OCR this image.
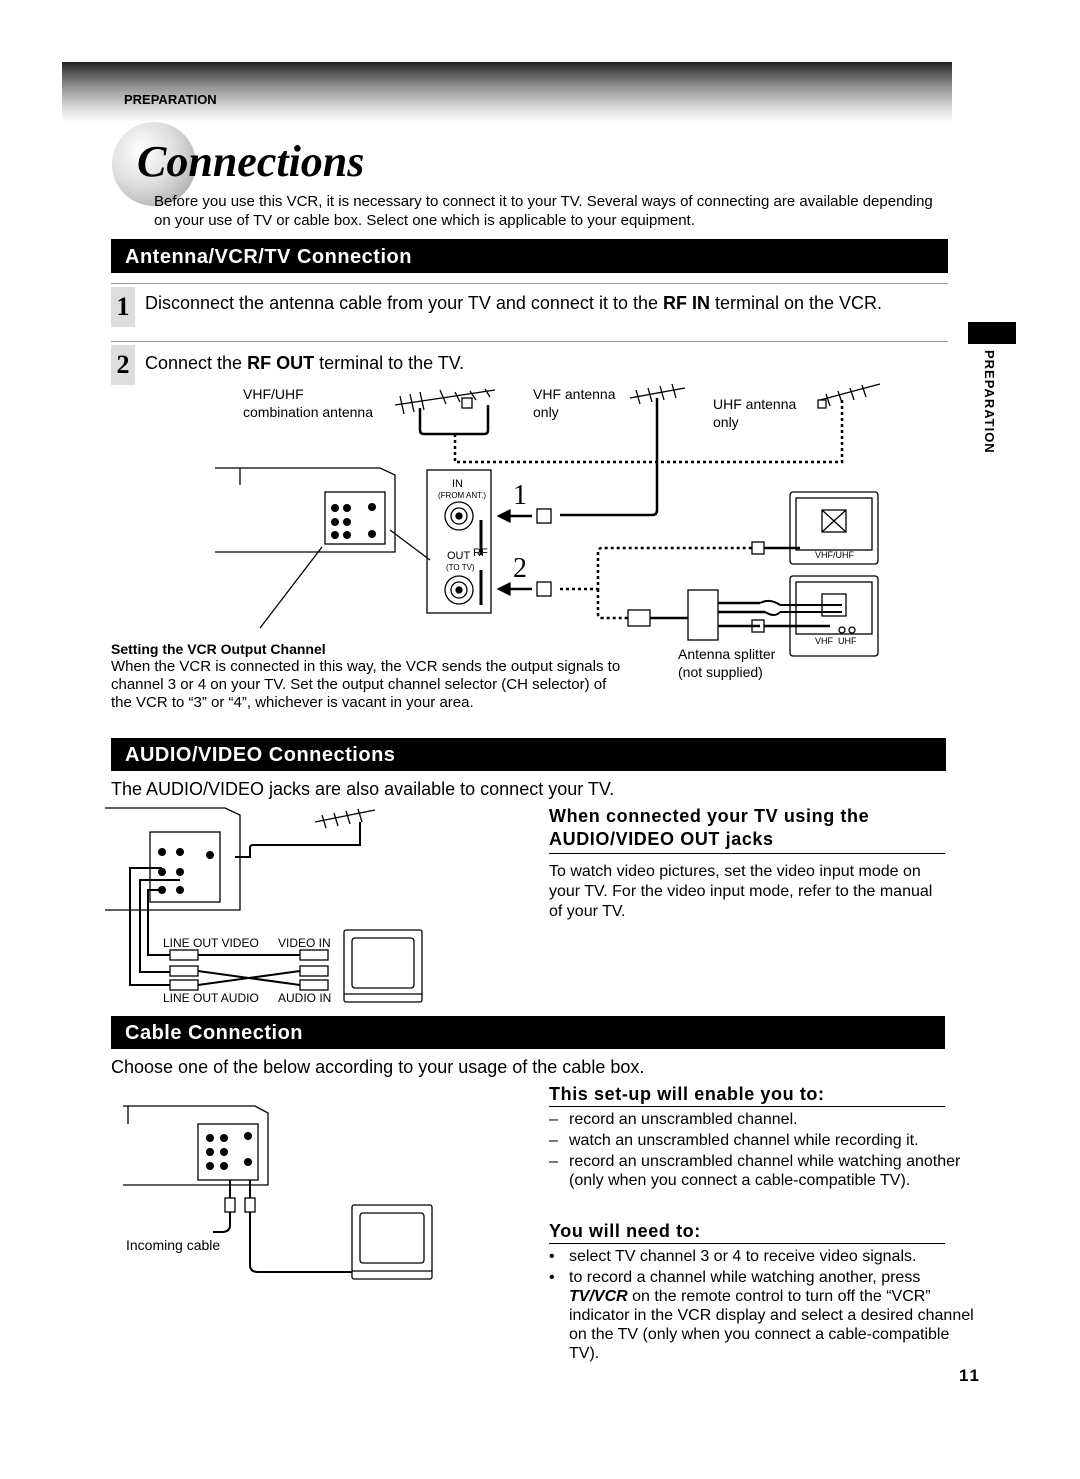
PREPARATION
Connections
Before you use this VCR, it is necessary to connect it to your TV. Several ways of connecting are available depending on your use of TV or cable box. Select one which is applicable to your equipment.
PREPARATION
Antenna/VCR/TV Connection
1 Disconnect the antenna cable from your TV and connect it to the RF IN terminal on the VCR.
2 Connect the RF OUT terminal to the TV.
VHF/UHF
combination antenna
VHF antenna
only	UHF antenna
only
IN
(FROM ANT.)
OUT RF
(TO TV)
1
2	VHF/UHF
VHF UHF
Antenna splitter
(not supplied)
Setting the VCR Output Channel
When the VCR is connected in this way, the VCR sends the output signals to channel 3 or 4 on your TV. Set the output channel selector (CH selector) of the VCR to “3” or “4”, whichever is vacant in your area.
AUDIO/VIDEO Connections
The AUDIO/VIDEO jacks are also available to connect your TV.
When connected your TV using the
AUDIO/VIDEO OUT jacks
To watch video pictures, set the video input mode on your TV. For the video input mode, refer to the manual of your TV.
LINE OUT VIDEO VIDEO IN
LINE OUT AUDIO AUDIO IN
Cable Connection
Choose one of the below according to your usage of the cable box.
This set-up will enable you to:
– record an unscrambled channel.
– watch an unscrambled channel while recording it.
– record an unscrambled channel while watching another (only when you connect a cable-compatible TV).
You will need to:
• select TV channel 3 or 4 to receive video signals.
• to record a channel while watching another, press TV/VCR on the remote control to turn off the “VCR” indicator in the VCR display and select a desired channel on the TV (only when you connect a cable-compatible TV).
Incoming cable
11
